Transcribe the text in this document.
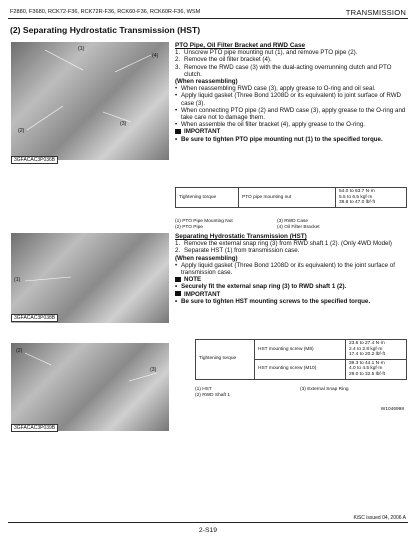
F2880, F3680, RCK72-F36, RCK72R-F36, RCK60-F36, RCK60R-F36, WSM	TRANSMISSION
(2) Separating Hydrostatic Transmission (HST)
(1)
(4)
(2)
(3)
3GFACAC3P036B
PTO Pipe, Oil Filter Bracket and RWD Case
1. Unscrew PTO pipe mounting nut (1), and remove PTO pipe (2).
2. Remove the oil filter bracket (4).
3. Remove the RWD case (3) with the dual-acting overrunning clutch and PTO clutch.
(When reassembling)
• When reassembling RWD case (3), apply grease to O-ring and oil seal.
• Apply liquid gasket (Three Bond 1208D or its equivalent) to joint surface of RWD case (3).
• When connecting PTO pipe (2) and RWD case (3), apply grease to the O-ring and take care not to damage them.
• When assemble the oil filter bracket (4), apply grease to the O-ring.
IMPORTANT
• Be sure to tighten PTO pipe mounting nut (1) to the specified torque.
Tightening torque	PTO pipe mounting nut	
54.0 to 63.7 N·m
5.5 to 6.5 kgf·m
39.8 to 47.0 lbf·ft
(1) PTO Pipe Mounting Nut	(3) RWD Case
(2) PTO Pipe	(4) Oil Filter Bracket
(1)
3GFACAC3P038B
(2)
(3)
3GFACAC3P039B
Separating Hydrostatic Transmission (HST)
1. Remove the external snap ring (3) from RWD shaft 1 (2). (Only 4WD Model)
2. Separate HST (1) from transmission case.
(When reassembling)
• Apply liquid gasket (Three Bond 1208D or its equivalent) to the joint surface of transmission case.
NOTE
• Securely fit the external snap ring (3) to RWD shaft 1 (2).
IMPORTANT
• Be sure to tighten HST mounting screws to the specified torque.
Tightening torque	HST mounting screw (M8)	23.6 to 27.4 N·m
2.4 to 2.8 kgf·m
17.4 to 20.2 lbf·ft

	HST mounting screw (M10)	39.3 to 44.1 N·m
4.0 to 4.5 kgf·m
29.0 to 32.5 lbf·ft
(1) HST	(3) External Snap Ring
(2) RWD Shaft 1
W1046998
KiSC issued 04, 2006 A
2-S19
